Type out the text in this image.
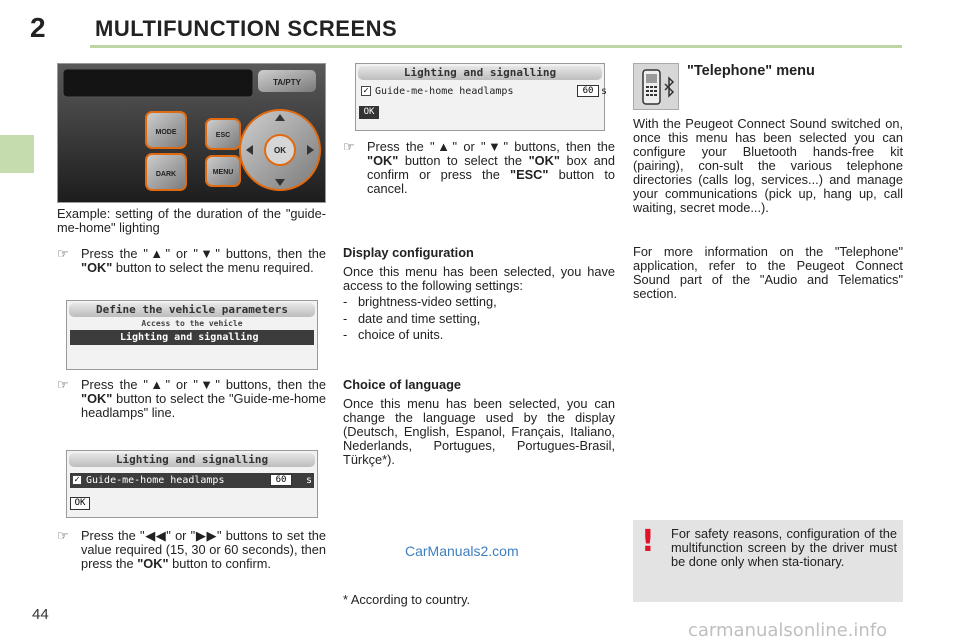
2 MULTIFUNCTION SCREENS
TA/PTY
MODE
DARK
ESC
MENU
OK
Example: setting of the duration of the "guide-me-home" lighting
☞ Press the "▲" or "▼" buttons, then the "OK" button to select the menu required.
Define the vehicle parameters
Access to the vehicle
Lighting and signalling
☞ Press the "▲" or "▼" buttons, then the "OK" button to select the "Guide-me-home headlamps" line.
Lighting and signalling
✓ Guide-me-home headlamps	60	s
OK
☞ Press the "◀◀" or "▶▶" buttons to set the value required (15, 30 or 60 seconds), then press the "OK" button to confirm.
Lighting and signalling
✓ Guide-me-home headlamps	60 s
OK
☞ Press the "▲" or "▼" buttons, then the "OK" button to select the "OK" box and confirm or press the "ESC" button to cancel.
Display configuration
Once this menu has been selected, you have access to the following settings:
-   brightness-video setting,
-   date and time setting,
-   choice of units.
Choice of language
Once this menu has been selected, you can change the language used by the display (Deutsch, English, Espanol, Français, Italiano, Nederlands, Portugues, Portugues-Brasil, Türkçe*).
"Telephone" menu
With the Peugeot Connect Sound switched on, once this menu has been selected you can configure your Bluetooth hands-free kit (pairing), con-sult the various telephone directories (calls log, services...) and manage your communications (pick up, hang up, call waiting, secret mode...).
For more information on the "Telephone" application, refer to the Peugeot Connect Sound part of the "Audio and Telematics" section.
! For safety reasons, configuration of the multifunction screen by the driver must be done only when sta-tionary.
CarManuals2.com
* According to country.
44
carmanualsonline.info
